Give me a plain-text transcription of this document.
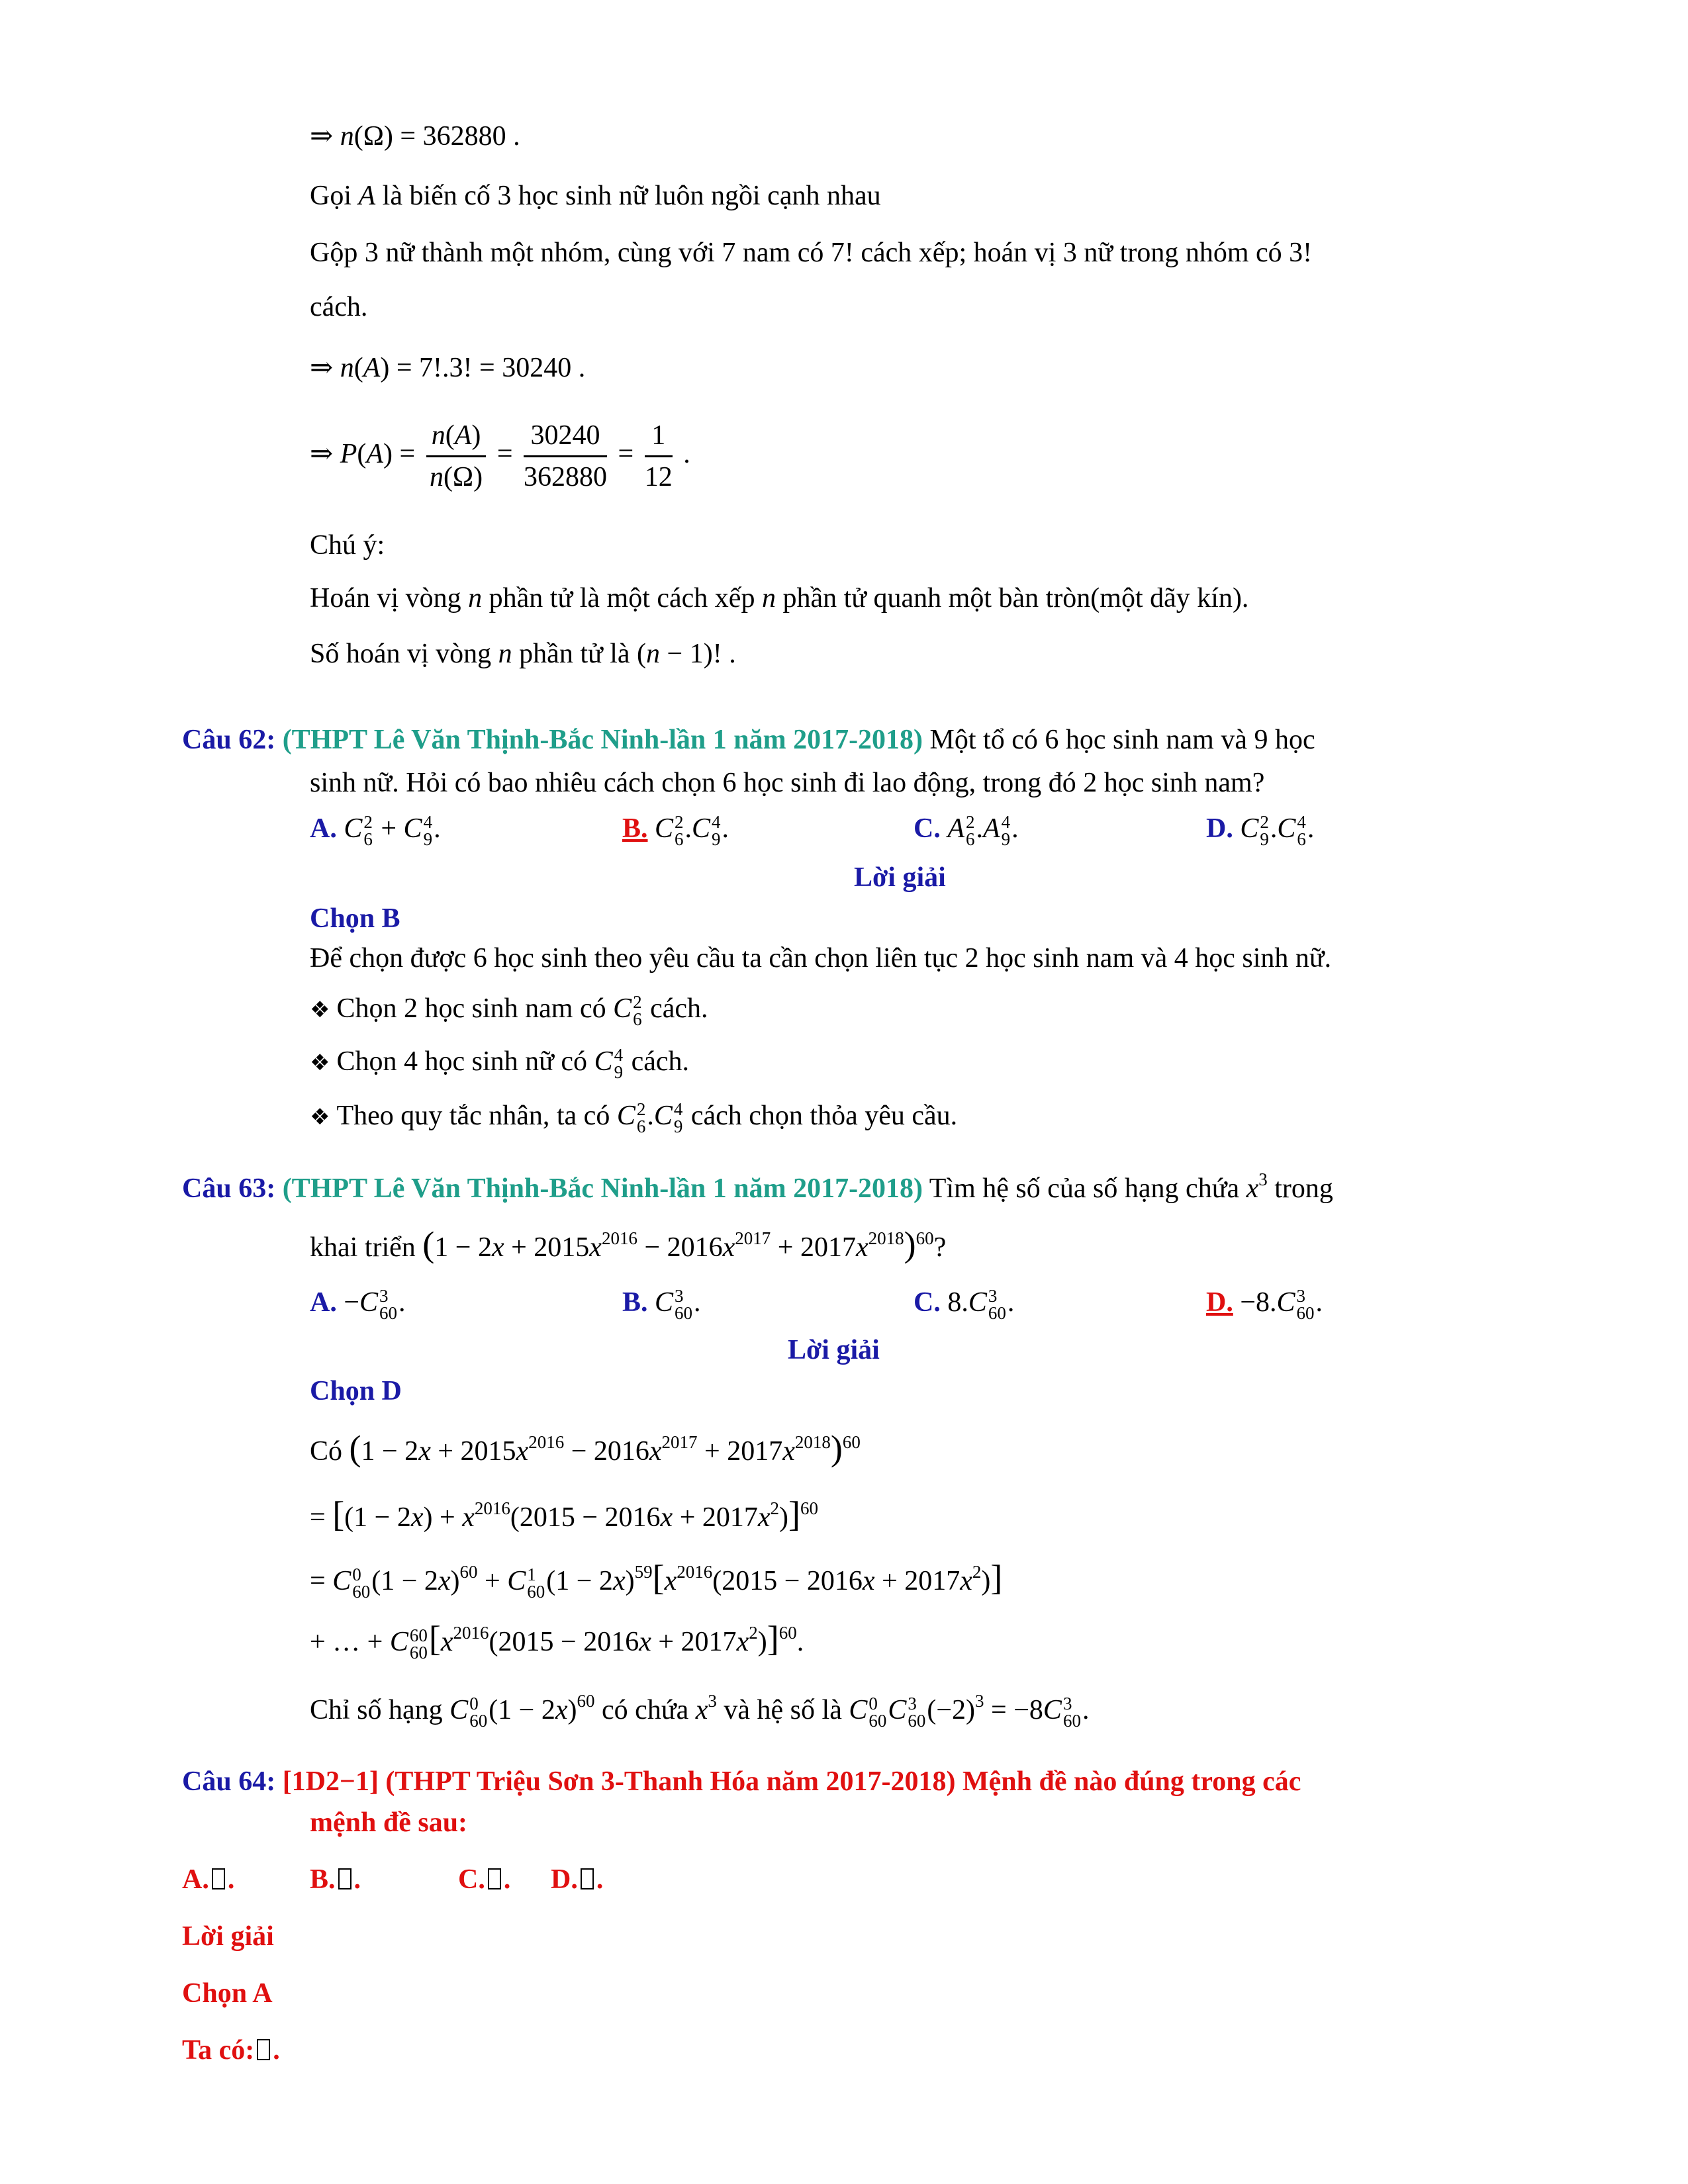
⇒ n(Ω) = 362880 .
Gọi A là biến cố 3 học sinh nữ luôn ngồi cạnh nhau
Gộp 3 nữ thành một nhóm, cùng với 7 nam có 7! cách xếp; hoán vị 3 nữ trong nhóm có 3!
cách.
⇒ n(A) = 7!.3! = 30240 .
⇒ $P(A) = \frac{n(A)}{n(\Omega)} = \frac{30240}{362880} = \frac{1}{12}$ .
Chú ý:
Hoán vị vòng n phần tử là một cách xếp n phần tử quanh một bàn tròn(một dãy kín).
Số hoán vị vòng n phần tử là (n − 1)! .
Câu 62: (THPT Lê Văn Thịnh-Bắc Ninh-lần 1 năm 2017-2018) Một tổ có 6 học sinh nam và 9 học
sinh nữ. Hỏi có bao nhiêu cách chọn 6 học sinh đi lao động, trong đó 2 học sinh nam?
A. C 2
6 + C 4
9 .	B. C 2
6 .C 4
9 .	C. A 2
6 .A 4
9 .	D. C 2
9 .C 4
6 .
Lời giải
Chọn B
Để chọn được 6 học sinh theo yêu cầu ta cần chọn liên tục 2 học sinh nam và 4 học sinh nữ.
❖ Chọn 2 học sinh nam có C 2
6 cách.
❖ Chọn 4 học sinh nữ có C 4
9 cách.
❖ Theo quy tắc nhân, ta có C 2
6 .C 4
9 cách chọn thỏa yêu cầu.
Câu 63: (THPT Lê Văn Thịnh-Bắc Ninh-lần 1 năm 2017-2018) Tìm hệ số của số hạng chứa $x^3$ trong
khai triển $(1 - 2x + 2015x^{2016} - 2016x^{2017} + 2017x^{2018})^{60}$?
A. −C 3
60 .	B. C 3
60 .	C. 8.C 3
60 .	D. −8.C 3
60 .
Lời giải
Chọn D
Có $(1 - 2x + 2015x^{2016} - 2016x^{2017} + 2017x^{2018})^{60}$
= $[(1 - 2x) + x^{2016}(2015 - 2016x + 2017x^2)]^{60}$
= C 0
60 $(1 - 2x)^{60} + C$ 1
60 $(1 - 2x)^{59}[x^{2016}(2015 - 2016x + 2017x^2)]$
+ … + C 60
60 $[x^{2016}(2015 - 2016x + 2017x^2)]^{60}$.
Chỉ số hạng C 0
60 $(1 - 2x)^{60}$ có chứa $x^3$ và hệ số là C 0
60 C 3
60 $(-2)^3 = -8C$ 3
60 .
Câu 64: [1D2−1] (THPT Triệu Sơn 3-Thanh Hóa năm 2017-2018) Mệnh đề nào đúng trong các
mệnh đề sau:
A. .	B. .	C. . D. .
Lời giải
Chọn A
Ta có: .
